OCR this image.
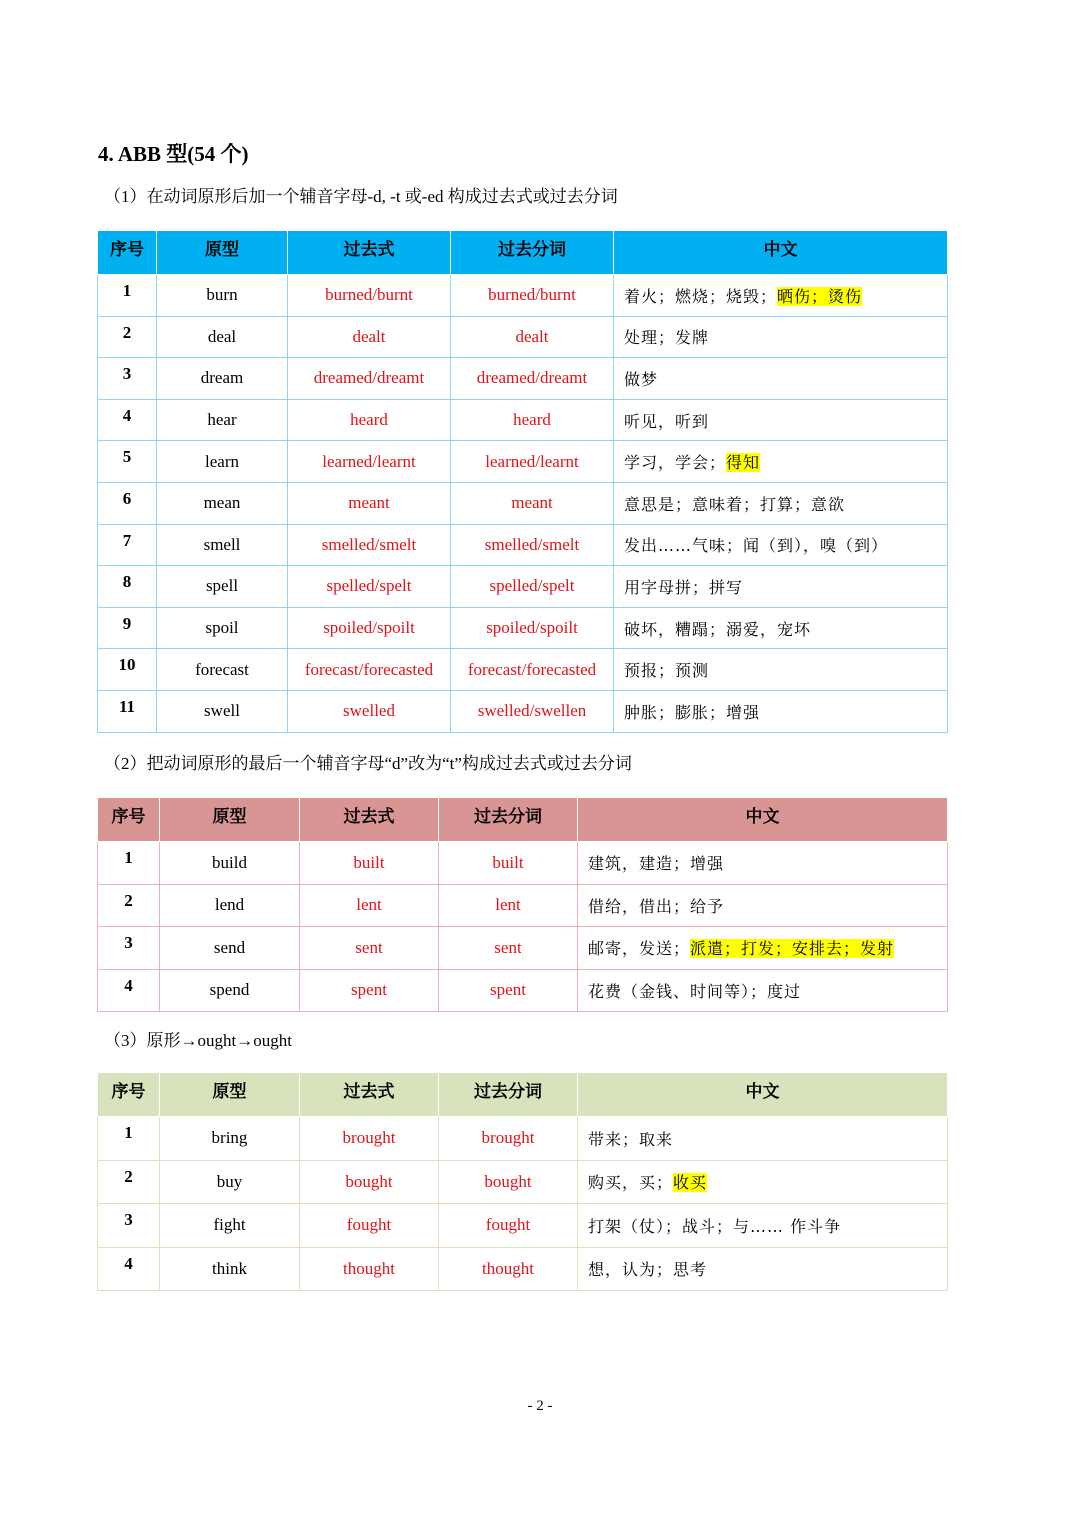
4. ABB 型(54 个)
（1）在动词原形后加一个辅音字母-d, -t 或-ed 构成过去式或过去分词
序号	原型	过去式	过去分词	中文
1	burn	burned/burnt	burned/burnt	着火；燃烧；烧毁；晒伤；烫伤
2	deal	dealt	dealt	处理；发牌
3	dream	dreamed/dreamt	dreamed/dreamt	做梦
4	hear	heard	heard	听见，听到
5	learn	learned/learnt	learned/learnt	学习，学会；得知
6	mean	meant	meant	意思是；意味着；打算；意欲
7	smell	smelled/smelt	smelled/smelt	发出……气味；闻（到），嗅（到）
8	spell	spelled/spelt	spelled/spelt	用字母拼；拼写
9	spoil	spoiled/spoilt	spoiled/spoilt	破坏，糟蹋；溺爱，宠坏
10	forecast	forecast/forecasted	forecast/forecasted	预报；预测
11	swell	swelled	swelled/swellen	肿胀；膨胀；增强
（2）把动词原形的最后一个辅音字母“d”改为“t”构成过去式或过去分词
序号	原型	过去式	过去分词	中文
1	build	built	built	建筑，建造；增强
2	lend	lent	lent	借给，借出；给予
3	send	sent	sent	邮寄，发送；派遣；打发；安排去；发射
4	spend	spent	spent	花费（金钱、时间等）；度过
（3）原形→ought→ought
序号	原型	过去式	过去分词	中文
1	bring	brought	brought	带来；取来
2	buy	bought	bought	购买，买；收买
3	fight	fought	fought	打架（仗）；战斗；与…… 作斗争
4	think	thought	thought	想，认为；思考
- 2 -
